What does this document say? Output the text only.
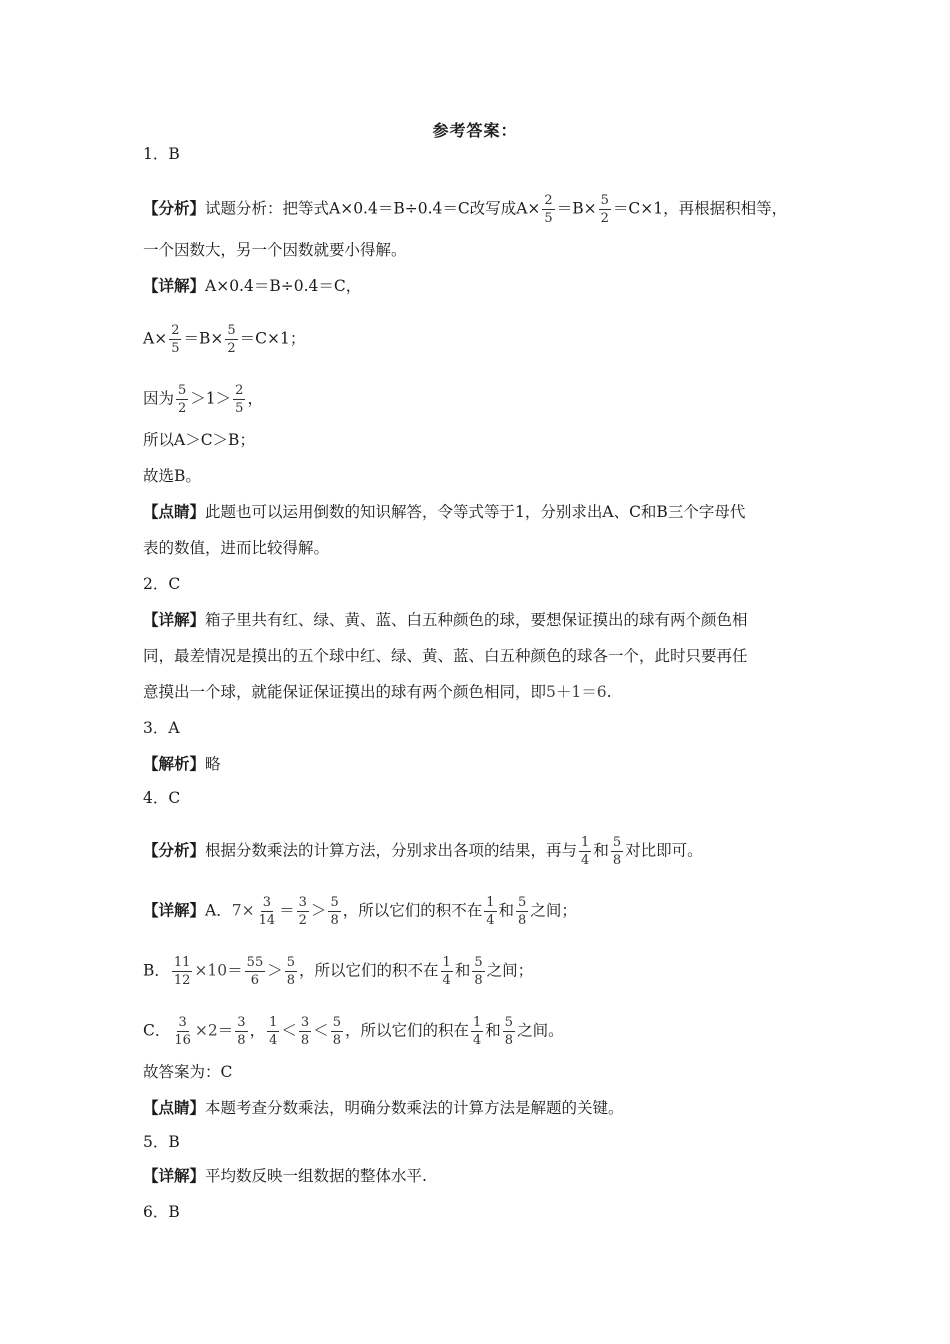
参考答案：
1．B
【分析】试题分析：把等式A×0.4＝B÷0.4＝C改写成$A\times \frac{2}{5} =B\times \frac{5}{2} =C\times 1$，再根据积相等，
一个因数大，另一个因数就要小得解。
【详解】A×0.4＝B÷0.4＝C，
$A\times \frac{2}{5} =B\times \frac{5}{2} =C\times 1$；
因为 $\frac{5}{2} >1> \frac{2}{5}$ ，
所以A＞C＞B；
故选B。
【点睛】此题也可以运用倒数的知识解答，令等式等于1，分别求出A、C和B三个字母代
表的数值，进而比较得解。
2．C
【详解】箱子里共有红、绿、黄、蓝、白五种颜色的球，要想保证摸出的球有两个颜色相
同，最差情况是摸出的五个球中红、绿、黄、蓝、白五种颜色的球各一个，此时只要再任
意摸出一个球，就能保证保证摸出的球有两个颜色相同，即5＋1＝6.
3．A
【解析】略
4．C
【分析】根据分数乘法的计算方法，分别求出各项的结果，再与 $\frac{1}{4}$ 和 $\frac{5}{8}$ 对比即可。
【详解】A．$7\times \frac{3}{14} = \frac{3}{2} > \frac{5}{8}$ ，所以它们的积不在 $\frac{1}{4}$ 和 $\frac{5}{8}$ 之间；
B． $\frac{11}{12} \times 10= \frac{55}{6} > \frac{5}{8}$ ，所以它们的积不在 $\frac{1}{4}$ 和 $\frac{5}{8}$ 之间；
C． $\frac{3}{16} \times 2= \frac{3}{8}$ ， $\frac{1}{4} < \frac{3}{8} < \frac{5}{8}$ ，所以它们的积在 $\frac{1}{4}$ 和 $\frac{5}{8}$ 之间。
故答案为：C
【点睛】本题考查分数乘法，明确分数乘法的计算方法是解题的关键。
5．B
【详解】平均数反映一组数据的整体水平.
6．B
